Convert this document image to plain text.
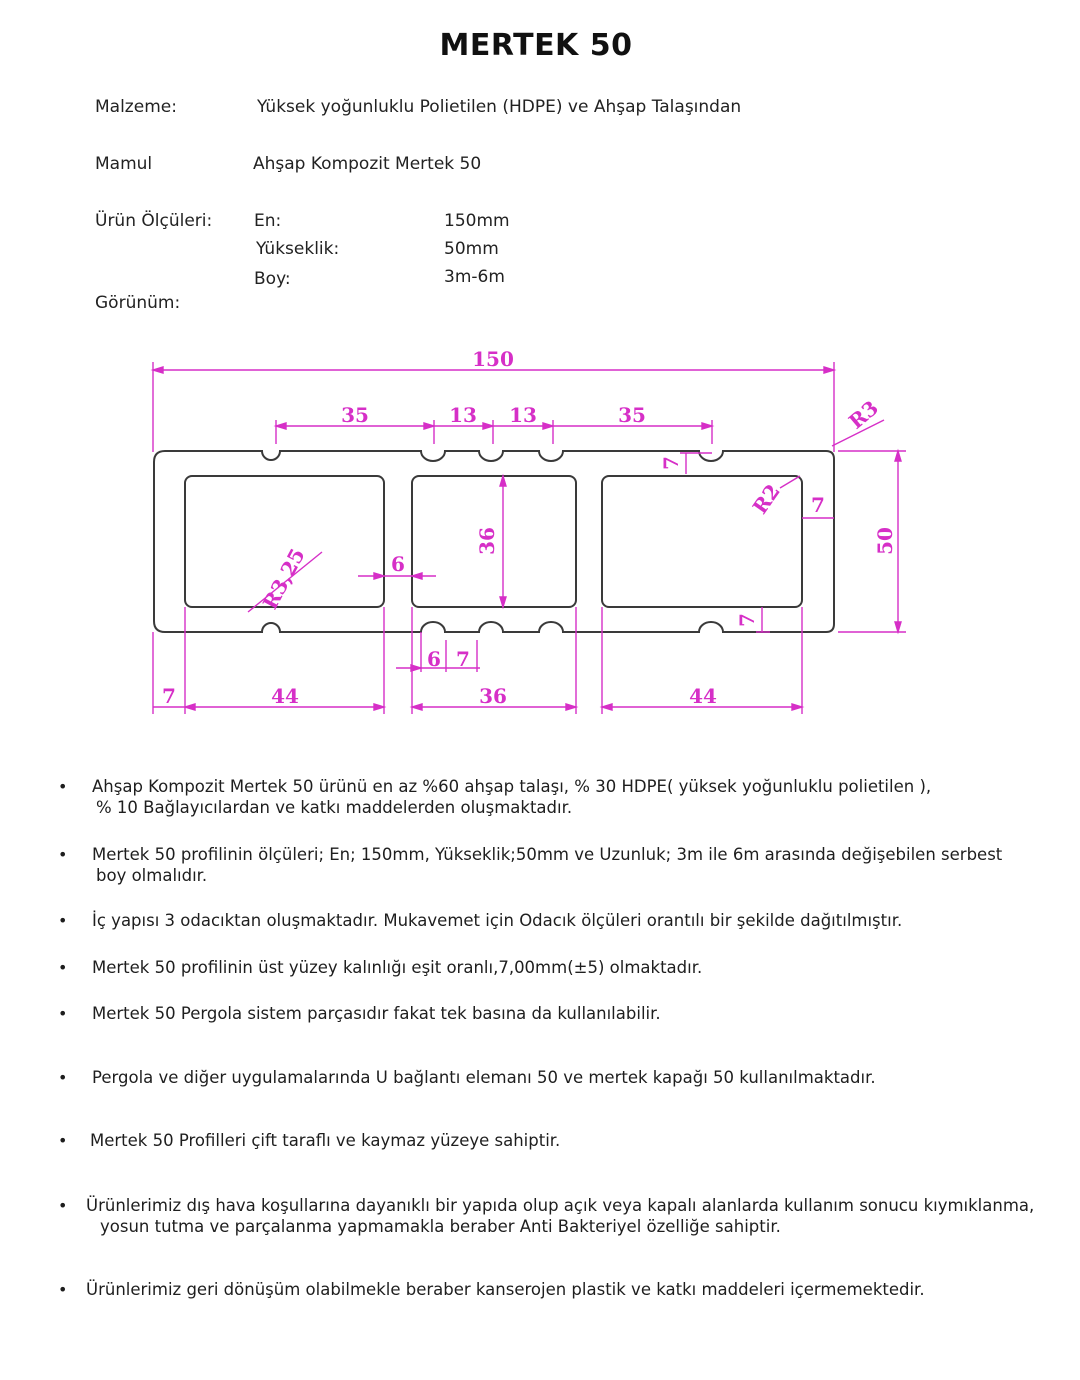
MERTEK 50
Malzeme:	Yüksek yoğunluklu Polietilen (HDPE) ve Ahşap Talaşından
Mamul	Ahşap Kompozit Mertek 50
Ürün Ölçüleri: En:	150mm
Yükseklik:	50mm
Boy:	3m-6m
Görünüm:
150
35	13 13	35	R3
7
R2 7
50
36
6
R3,25
7
6 7
7	44	36	44
• Ahşap Kompozit Mertek 50 ürünü en az %60 ahşap talaşı, % 30 HDPE( yüksek yoğunluklu polietilen ),
% 10 Bağlayıcılardan ve katkı maddelerden oluşmaktadır.
• Mertek 50 profilinin ölçüleri; En; 150mm, Yükseklik;50mm ve Uzunluk; 3m ile 6m arasında değişebilen serbest
boy olmalıdır.
• İç yapısı 3 odacıktan oluşmaktadır. Mukavemet için Odacık ölçüleri orantılı bir şekilde dağıtılmıştır.
• Mertek 50 profilinin üst yüzey kalınlığı eşit oranlı,7,00mm(±5) olmaktadır.
• Mertek 50 Pergola sistem parçasıdır fakat tek basına da kullanılabilir.
• Pergola ve diğer uygulamalarında U bağlantı elemanı 50 ve mertek kapağı 50 kullanılmaktadır.
• Mertek 50 Profilleri çift taraflı ve kaymaz yüzeye sahiptir.
• Ürünlerimiz dış hava koşullarına dayanıklı bir yapıda olup açık veya kapalı alanlarda kullanım sonucu kıymıklanma,
yosun tutma ve parçalanma yapmamakla beraber Anti Bakteriyel özelliğe sahiptir.
• Ürünlerimiz geri dönüşüm olabilmekle beraber kanserojen plastik ve katkı maddeleri içermemektedir.
